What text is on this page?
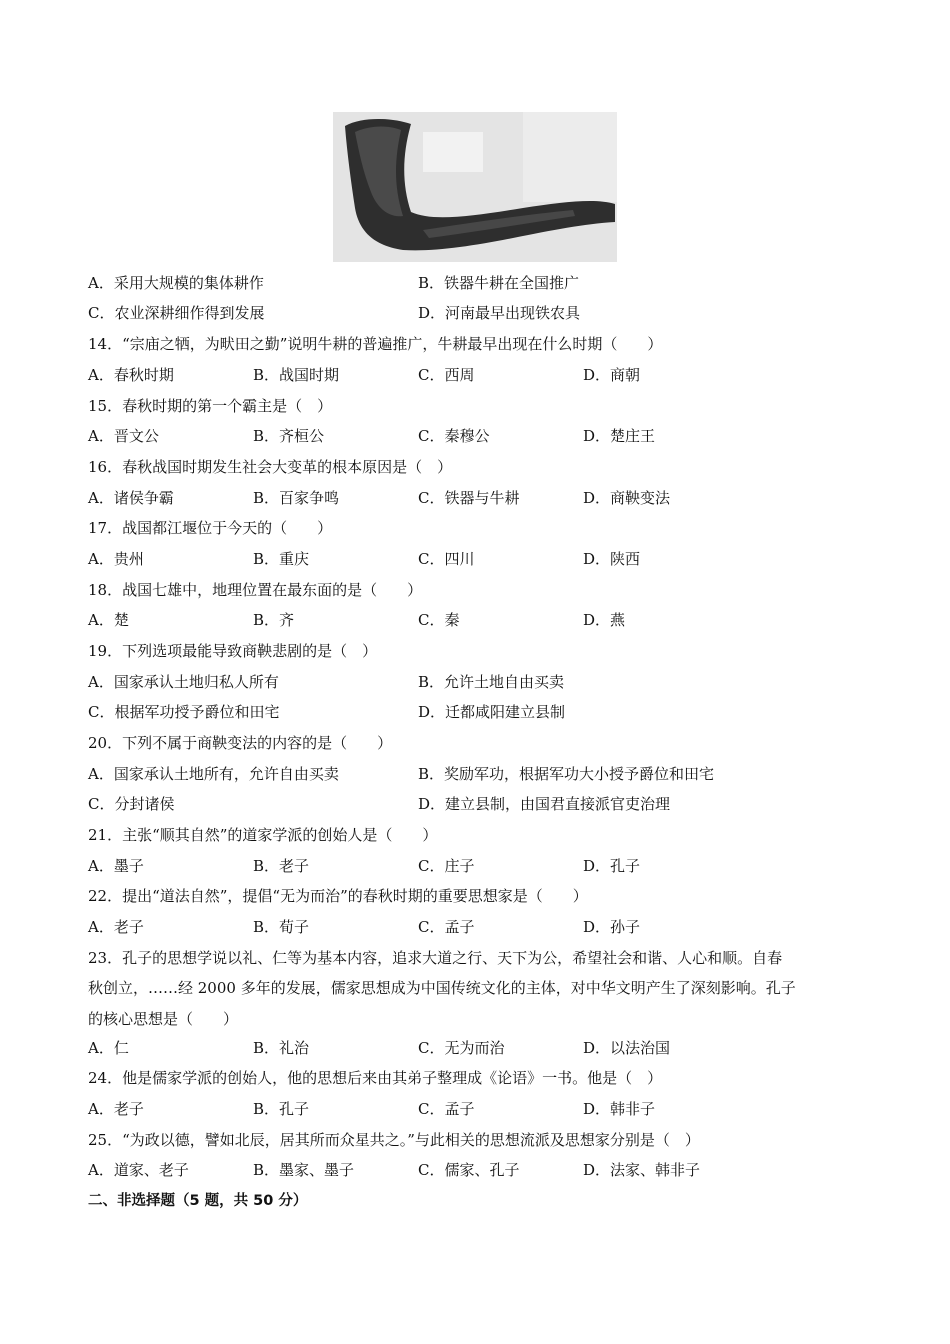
A．采用大规模的集体耕作	B．铁器牛耕在全国推广
C．农业深耕细作得到发展	D．河南最早出现铁农具
14．“宗庙之牺，为畎田之勤”说明牛耕的普遍推广，牛耕最早出现在什么时期（　　）
A．春秋时期	B．战国时期	C．西周	D．商朝
15．春秋时期的第一个霸主是（　）
A．晋文公	B．齐桓公	C．秦穆公	D．楚庄王
16．春秋战国时期发生社会大变革的根本原因是（　）
A．诸侯争霸	B．百家争鸣	C．铁器与牛耕	D．商鞅变法
17．战国都江堰位于今天的（　　）
A．贵州	B．重庆	C．四川	D．陕西
18．战国七雄中，地理位置在最东面的是（　　）
A．楚	B．齐	C．秦	D．燕
19．下列选项最能导致商鞅悲剧的是（　）
A．国家承认土地归私人所有	B．允许土地自由买卖
C．根据军功授予爵位和田宅	D．迁都咸阳建立县制
20．下列不属于商鞅变法的内容的是（　　）
A．国家承认土地所有，允许自由买卖	B．奖励军功，根据军功大小授予爵位和田宅
C．分封诸侯	D．建立县制，由国君直接派官吏治理
21．主张“顺其自然”的道家学派的创始人是（　　）
A．墨子	B．老子	C．庄子	D．孔子
22．提出“道法自然”，提倡“无为而治”的春秋时期的重要思想家是（　　）
A．老子	B．荀子	C．孟子	D．孙子
23．孔子的思想学说以礼、仁等为基本内容，追求大道之行、天下为公，希望社会和谐、人心和顺。自春
秋创立，……经 2000 多年的发展，儒家思想成为中国传统文化的主体，对中华文明产生了深刻影响。孔子
的核心思想是（　　）
A．仁	B．礼治	C．无为而治	D．以法治国
24．他是儒家学派的创始人，他的思想后来由其弟子整理成《论语》一书。他是（　）
A．老子	B．孔子	C．孟子	D．韩非子
25．“为政以德，譬如北辰，居其所而众星共之。”与此相关的思想流派及思想家分别是（　）
A．道家、老子	B．墨家、墨子	C．儒家、孔子	D．法家、韩非子
二、非选择题（5 题，共 50 分）
